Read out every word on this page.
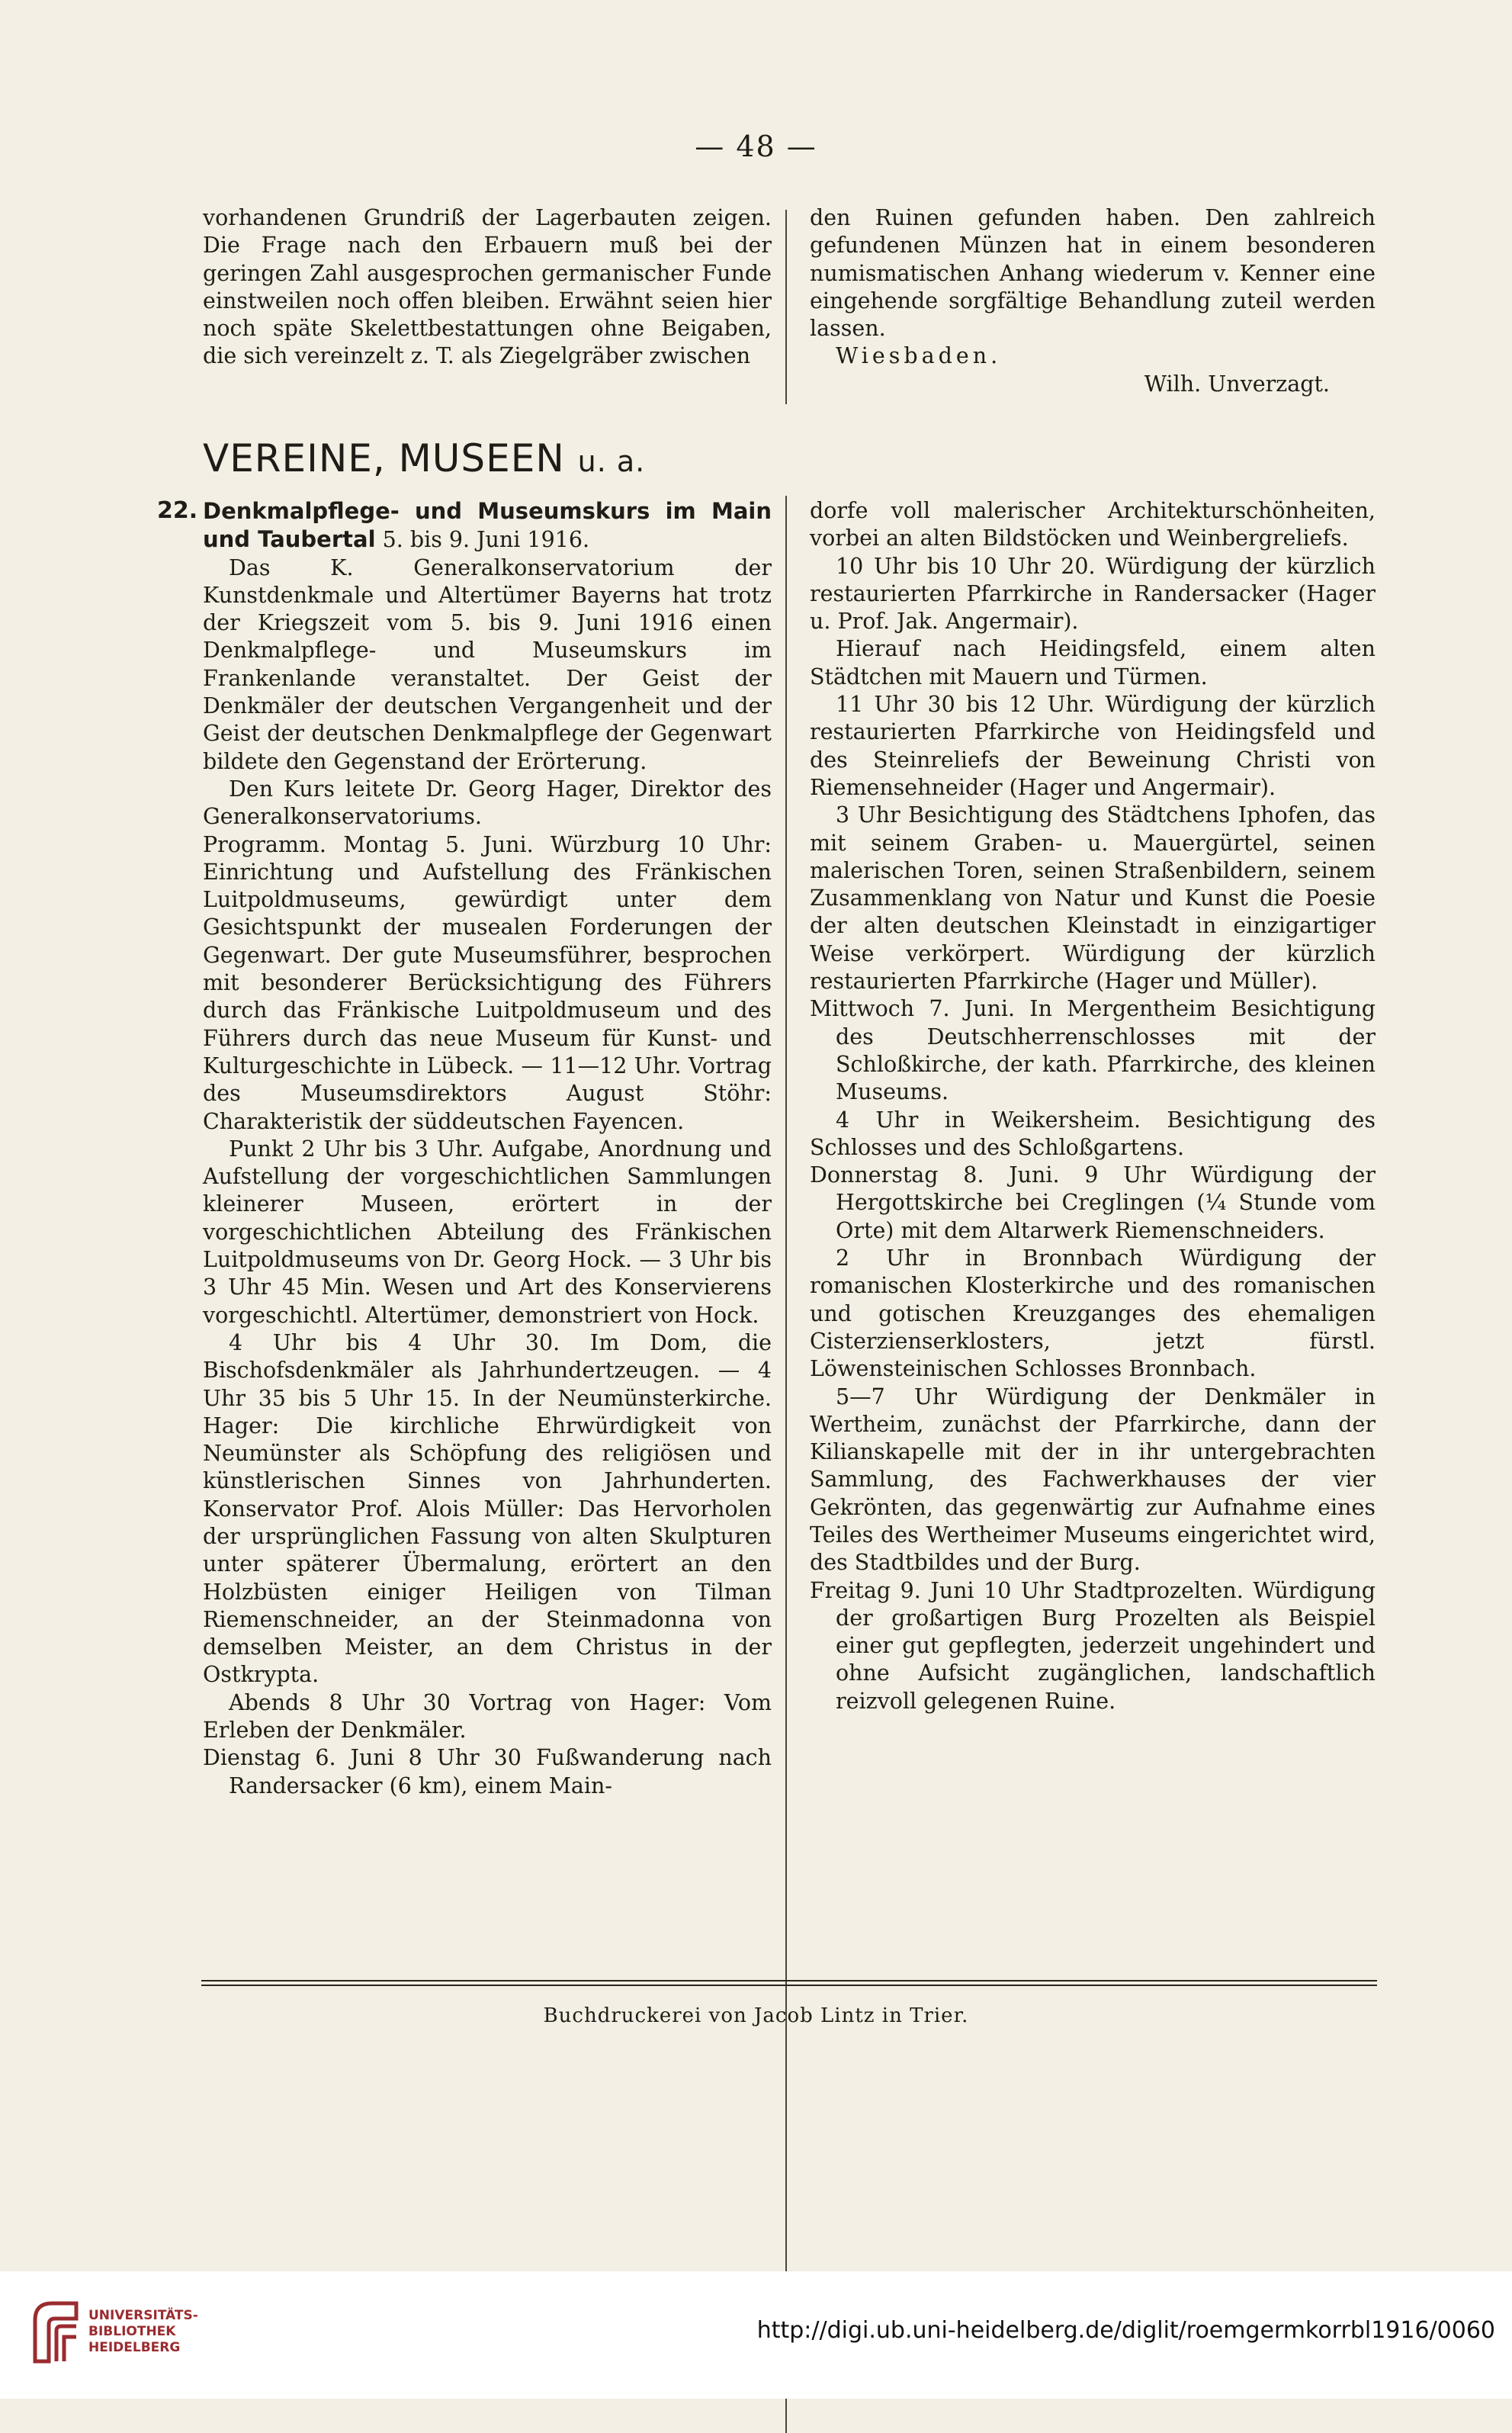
— 48 —

vorhandenen Grundriß der Lagerbauten zeigen. Die Frage nach den Erbauern muß bei der geringen Zahl ausgesprochen germanischer Funde einstweilen noch offen bleiben. Erwähnt seien hier noch späte Skelettbestattungen ohne Beigaben, die sich vereinzelt z. T. als Ziegelgräber zwischen

den Ruinen gefunden haben. Den zahlreich gefundenen Münzen hat in einem besonderen numismatischen Anhang wiederum v. Kenner eine eingehende sorgfältige Behandlung zuteil werden lassen.

Wiesbaden.

Wilh. Unverzagt.

VEREINE, MUSEEN u. a.
22. Denkmalpflege- und Museumskurs im Main und Taubertal 5. bis 9. Juni 1916.

Das K. Generalkonservatorium der Kunstdenkmale und Altertümer Bayerns hat trotz der Kriegszeit vom 5. bis 9. Juni 1916 einen Denkmalpflege- und Museumskurs im Frankenlande veranstaltet. Der Geist der Denkmäler der deutschen Vergangenheit und der Geist der deutschen Denkmalpflege der Gegenwart bildete den Gegenstand der Erörterung.

Den Kurs leitete Dr. Georg Hager, Direktor des Generalkonservatoriums.

Programm. Montag 5. Juni. Würzburg 10 Uhr: Einrichtung und Aufstellung des Fränkischen Luitpoldmuseums, gewürdigt unter dem Gesichtspunkt der musealen Forderungen der Gegenwart. Der gute Museumsführer, besprochen mit besonderer Berücksichtigung des Führers durch das Fränkische Luitpoldmuseum und des Führers durch das neue Museum für Kunst- und Kulturgeschichte in Lübeck. — 11—12 Uhr. Vortrag des Museumsdirektors August Stöhr: Charakteristik der süddeutschen Fayencen.

Punkt 2 Uhr bis 3 Uhr. Aufgabe, Anordnung und Aufstellung der vorgeschichtlichen Sammlungen kleinerer Museen, erörtert in der vorgeschichtlichen Abteilung des Fränkischen Luitpoldmuseums von Dr. Georg Hock. — 3 Uhr bis 3 Uhr 45 Min. Wesen und Art des Konservierens vorgeschichtl. Altertümer, demonstriert von Hock.

4 Uhr bis 4 Uhr 30. Im Dom, die Bischofsdenkmäler als Jahrhundertzeugen. — 4 Uhr 35 bis 5 Uhr 15. In der Neumünsterkirche. Hager: Die kirchliche Ehrwürdigkeit von Neumünster als Schöpfung des religiösen und künstlerischen Sinnes von Jahrhunderten. Konservator Prof. Alois Müller: Das Hervorholen der ursprünglichen Fassung von alten Skulpturen unter späterer Übermalung, erörtert an den Holzbüsten einiger Heiligen von Tilman Riemenschneider, an der Steinmadonna von demselben Meister, an dem Christus in der Ostkrypta.

Abends 8 Uhr 30 Vortrag von Hager: Vom Erleben der Denkmäler.

Dienstag 6. Juni 8 Uhr 30 Fußwanderung nach Randersacker (6 km), einem Main-

dorfe voll malerischer Architekturschönheiten, vorbei an alten Bildstöcken und Weinbergreliefs.

10 Uhr bis 10 Uhr 20. Würdigung der kürzlich restaurierten Pfarrkirche in Randersacker (Hager u. Prof. Jak. Angermair).

Hierauf nach Heidingsfeld, einem alten Städtchen mit Mauern und Türmen.

11 Uhr 30 bis 12 Uhr. Würdigung der kürzlich restaurierten Pfarrkirche von Heidingsfeld und des Steinreliefs der Beweinung Christi von Riemensehneider (Hager und Angermair).

3 Uhr Besichtigung des Städtchens Iphofen, das mit seinem Graben- u. Mauergürtel, seinen malerischen Toren, seinen Straßenbildern, seinem Zusammenklang von Natur und Kunst die Poesie der alten deutschen Kleinstadt in einzigartiger Weise verkörpert. Würdigung der kürzlich restaurierten Pfarrkirche (Hager und Müller).

Mittwoch 7. Juni. In Mergentheim Besichtigung des Deutschherrenschlosses mit der Schloßkirche, der kath. Pfarrkirche, des kleinen Museums.

4 Uhr in Weikersheim. Besichtigung des Schlosses und des Schloßgartens.

Donnerstag 8. Juni. 9 Uhr Würdigung der Hergottskirche bei Creglingen (¼ Stunde vom Orte) mit dem Altarwerk Riemenschneiders.

2 Uhr in Bronnbach Würdigung der romanischen Klosterkirche und des romanischen und gotischen Kreuzganges des ehemaligen Cisterzienserklosters, jetzt fürstl. Löwensteinischen Schlosses Bronnbach.

5—7 Uhr Würdigung der Denkmäler in Wertheim, zunächst der Pfarrkirche, dann der Kilianskapelle mit der in ihr untergebrachten Sammlung, des Fachwerkhauses der vier Gekrönten, das gegenwärtig zur Aufnahme eines Teiles des Wertheimer Museums eingerichtet wird, des Stadtbildes und der Burg.

Freitag 9. Juni 10 Uhr Stadtprozelten. Würdigung der großartigen Burg Prozelten als Beispiel einer gut gepflegten, jederzeit ungehindert und ohne Aufsicht zugänglichen, landschaftlich reizvoll gelegenen Ruine.

Buchdruckerei von Jacob Lintz in Trier.
UNIVERSITÄTS-
BIBLIOTHEK
HEIDELBERG
http://digi.ub.uni-heidelberg.de/diglit/roemgermkorrbl1916/0060
